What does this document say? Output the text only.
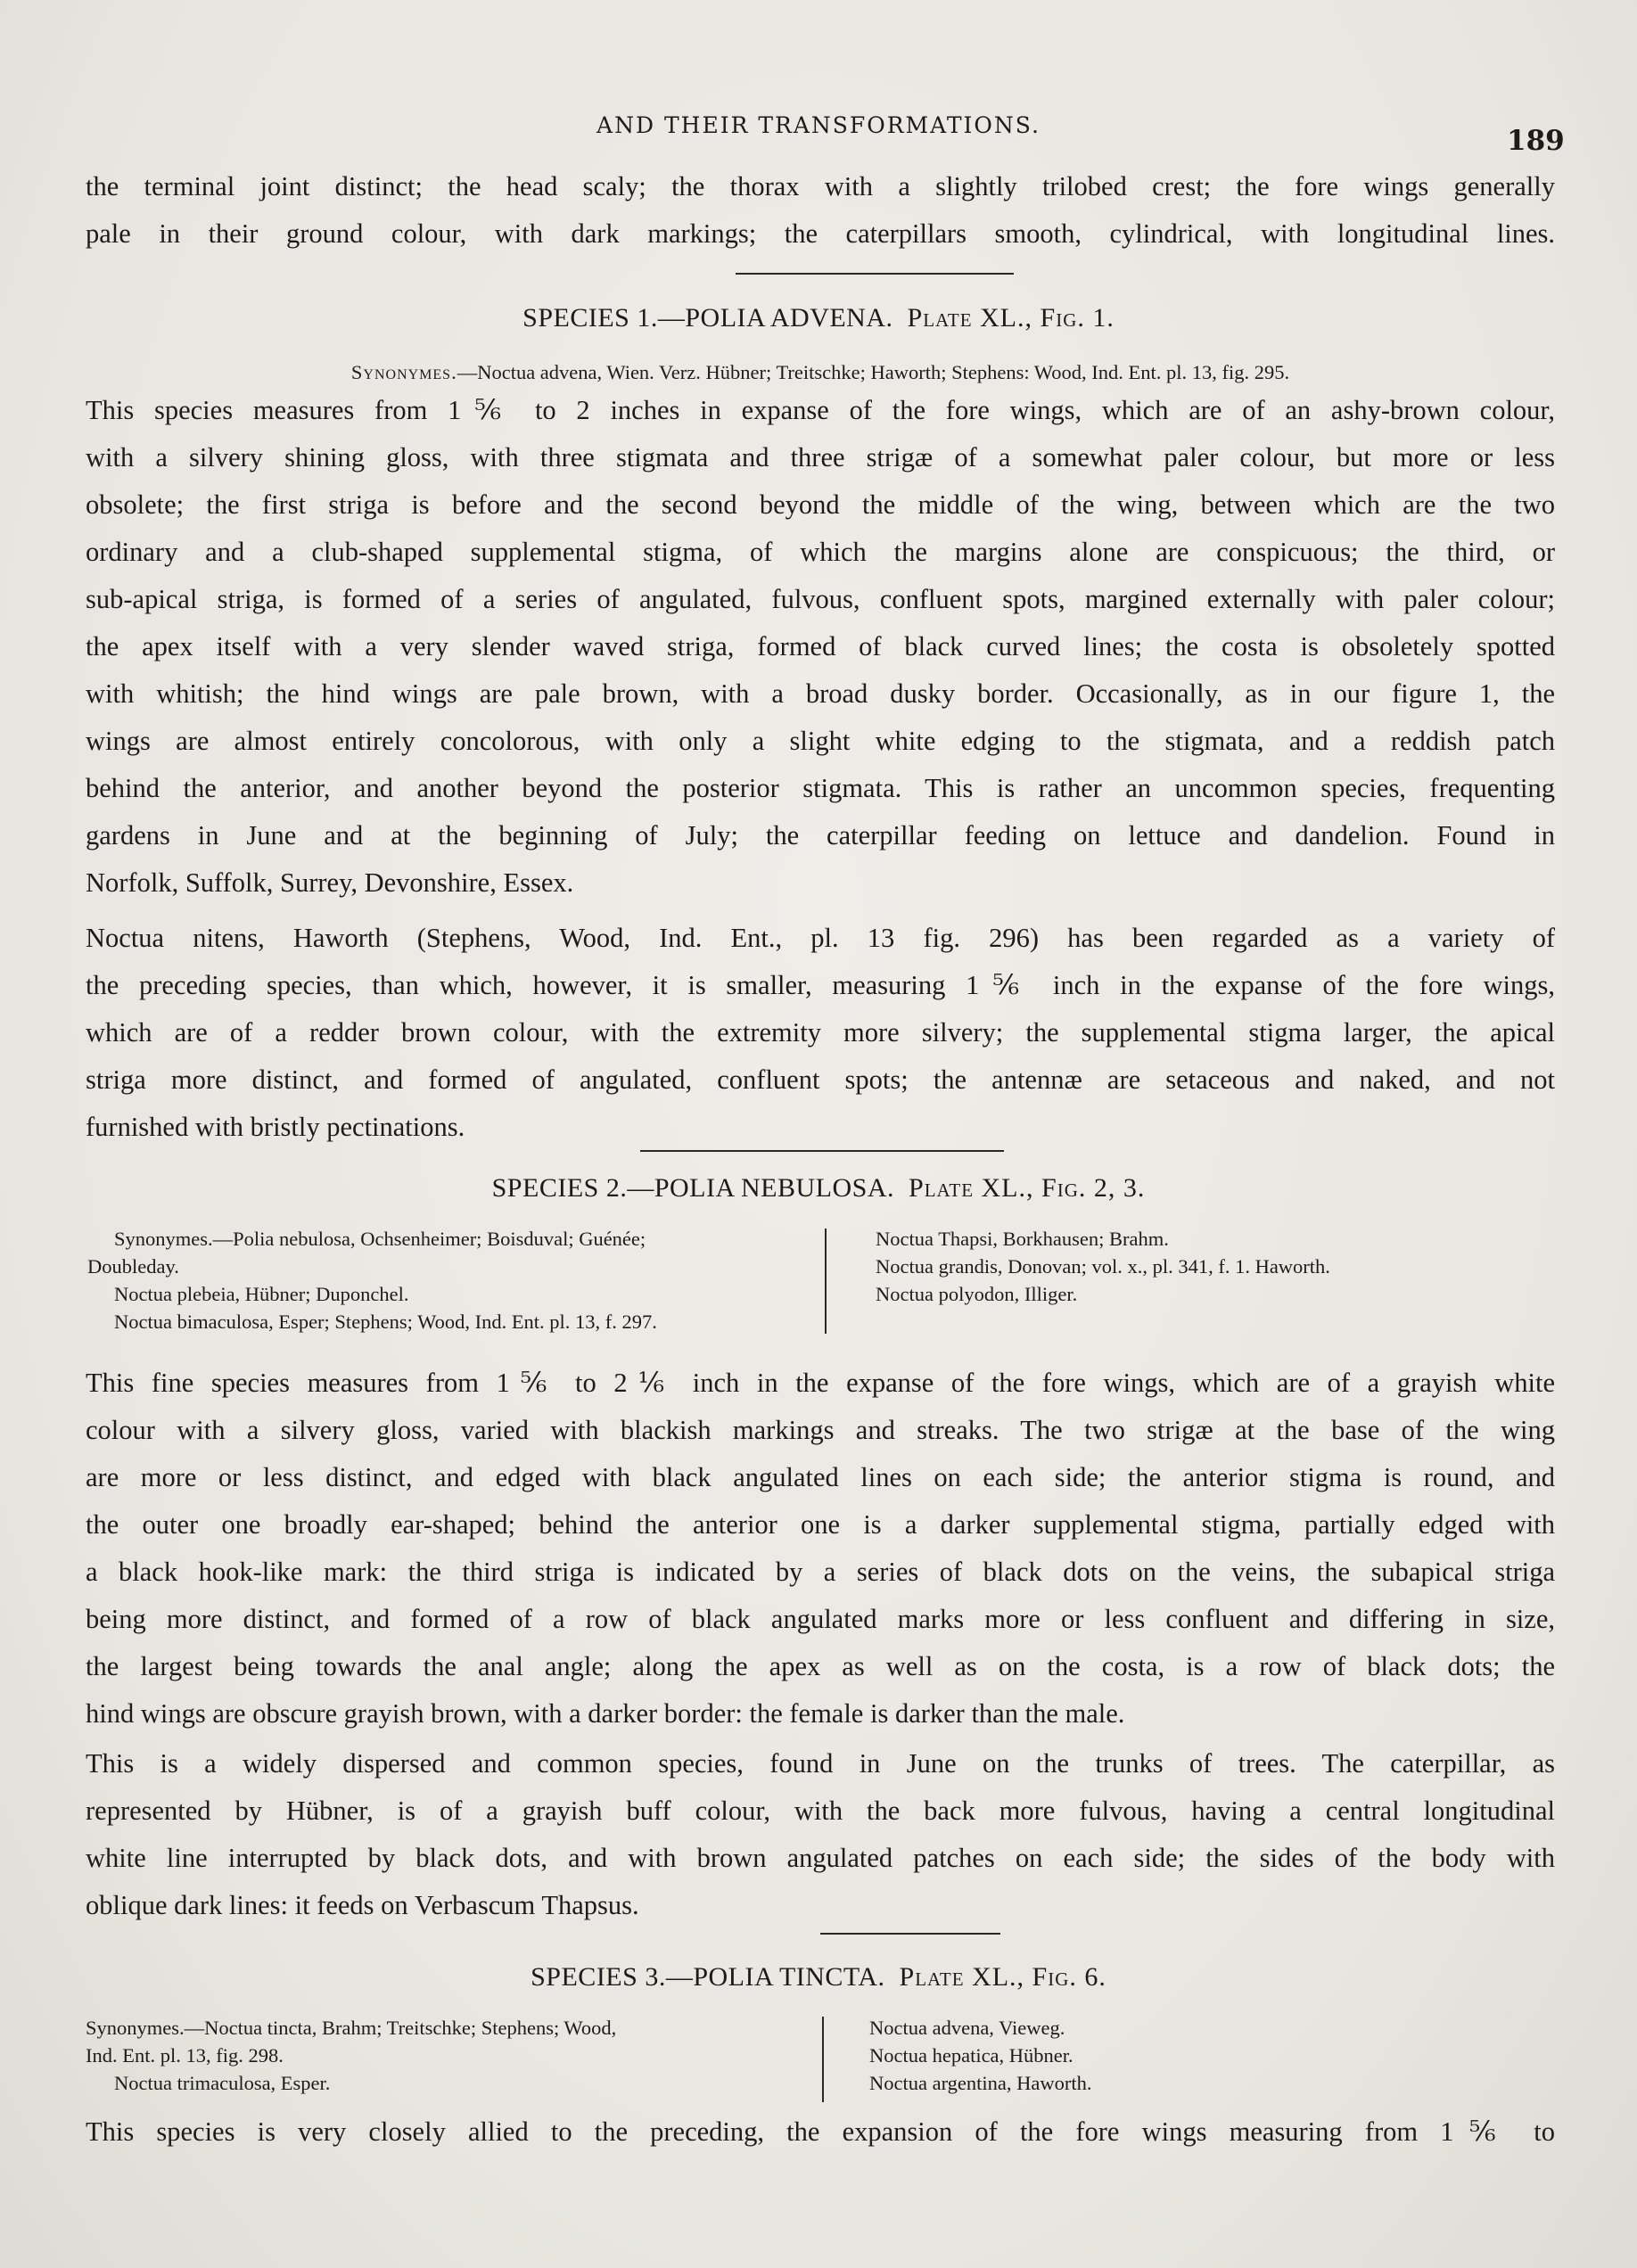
AND THEIR TRANSFORMATIONS.	189

the terminal joint distinct; the head scaly; the thorax with a slightly trilobed crest; the fore wings generally

pale in their ground colour, with dark markings; the caterpillars smooth, cylindrical, with longitudinal lines.

SPECIES 1.—POLIA ADVENA. Plate XL., Fig. 1.
Synonymes.—Noctua advena, Wien. Verz. Hübner; Treitschke; Haworth; Stephens: Wood, Ind. Ent. pl. 13, fig. 295.

This species measures from 1⅚ to 2 inches in expanse of the fore wings, which are of an ashy-brown colour,

with a silvery shining gloss, with three stigmata and three strigæ of a somewhat paler colour, but more or less

obsolete; the first striga is before and the second beyond the middle of the wing, between which are the two

ordinary and a club-shaped supplemental stigma, of which the margins alone are conspicuous; the third, or

sub-apical striga, is formed of a series of angulated, fulvous, confluent spots, margined externally with paler colour;

the apex itself with a very slender waved striga, formed of black curved lines; the costa is obsoletely spotted

with whitish; the hind wings are pale brown, with a broad dusky border. Occasionally, as in our figure 1, the

wings are almost entirely concolorous, with only a slight white edging to the stigmata, and a reddish patch

behind the anterior, and another beyond the posterior stigmata. This is rather an uncommon species, frequenting

gardens in June and at the beginning of July; the caterpillar feeding on lettuce and dandelion. Found in

Norfolk, Suffolk, Surrey, Devonshire, Essex.

Noctua nitens, Haworth (Stephens, Wood, Ind. Ent., pl. 13 fig. 296) has been regarded as a variety of

the preceding species, than which, however, it is smaller, measuring 1⅚ inch in the expanse of the fore wings,

which are of a redder brown colour, with the extremity more silvery; the supplemental stigma larger, the apical

striga more distinct, and formed of angulated, confluent spots; the antennæ are setaceous and naked, and not

furnished with bristly pectinations.

SPECIES 2.—POLIA NEBULOSA. Plate XL., Fig. 2, 3.
Synonymes.—Polia nebulosa, Ochsenheimer; Boisduval; Guénée;
Doubleday.
Noctua plebeia, Hübner; Duponchel.
Noctua bimaculosa, Esper; Stephens; Wood, Ind. Ent. pl. 13, f. 297.
Noctua Thapsi, Borkhausen; Brahm.
Noctua grandis, Donovan; vol. x., pl. 341, f. 1. Haworth.
Noctua polyodon, Illiger.

This fine species measures from 1⅚ to 2⅙ inch in the expanse of the fore wings, which are of a grayish white

colour with a silvery gloss, varied with blackish markings and streaks. The two strigæ at the base of the wing

are more or less distinct, and edged with black angulated lines on each side; the anterior stigma is round, and

the outer one broadly ear-shaped; behind the anterior one is a darker supplemental stigma, partially edged with

a black hook-like mark: the third striga is indicated by a series of black dots on the veins, the subapical striga

being more distinct, and formed of a row of black angulated marks more or less confluent and differing in size,

the largest being towards the anal angle; along the apex as well as on the costa, is a row of black dots; the

hind wings are obscure grayish brown, with a darker border: the female is darker than the male.

This is a widely dispersed and common species, found in June on the trunks of trees. The caterpillar, as

represented by Hübner, is of a grayish buff colour, with the back more fulvous, having a central longitudinal

white line interrupted by black dots, and with brown angulated patches on each side; the sides of the body with

oblique dark lines: it feeds on Verbascum Thapsus.

SPECIES 3.—POLIA TINCTA. Plate XL., Fig. 6.
Synonymes.—Noctua tincta, Brahm; Treitschke; Stephens; Wood,
Ind. Ent. pl. 13, fig. 298.
Noctua trimaculosa, Esper.
Noctua advena, Vieweg.
Noctua hepatica, Hübner.
Noctua argentina, Haworth.

This species is very closely allied to the preceding, the expansion of the fore wings measuring from 1⅚ to
